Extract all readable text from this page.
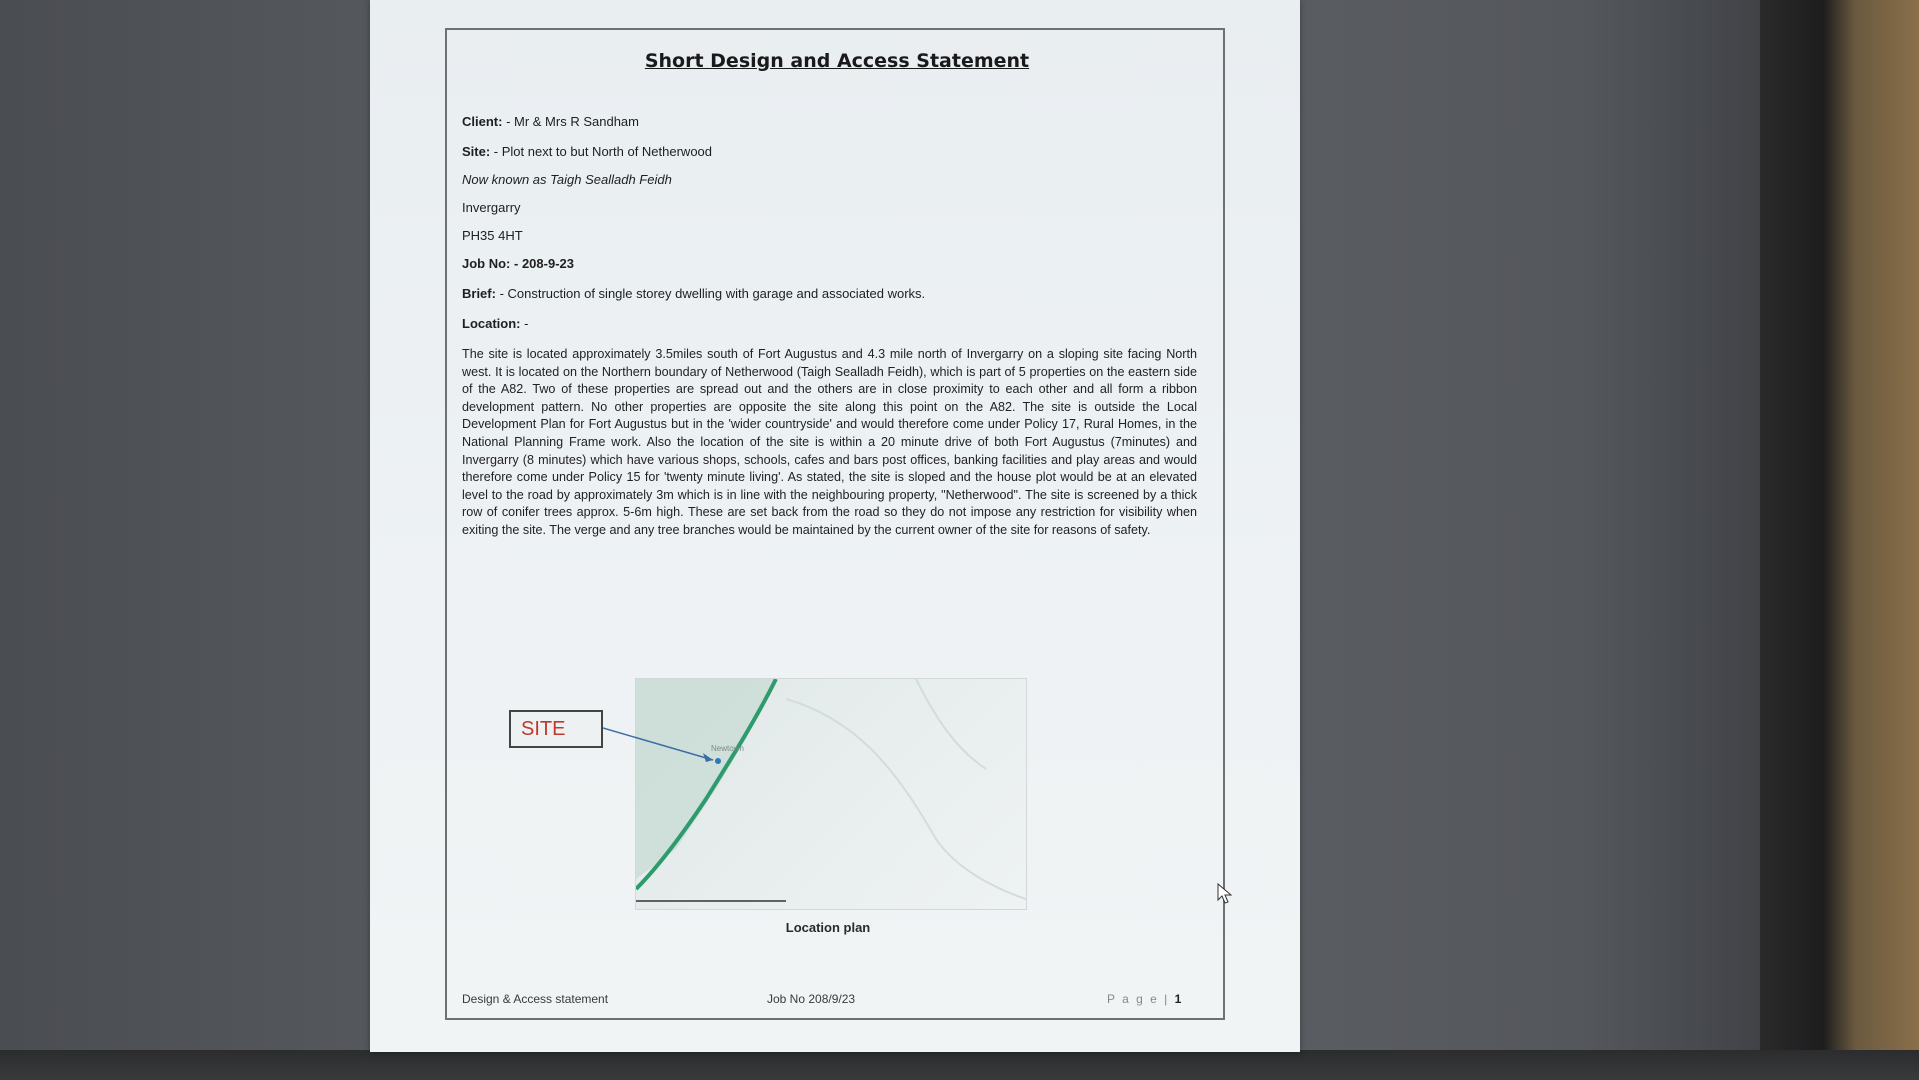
Short Design and Access Statement
Client: - Mr & Mrs R Sandham
Site: - Plot next to but North of Netherwood
Now known as Taigh Sealladh Feidh
Invergarry
PH35 4HT
Job No: - 208-9-23
Brief: - Construction of single storey dwelling with garage and associated works.
Location: -
The site is located approximately 3.5miles south of Fort Augustus and 4.3 mile north of Invergarry on a sloping site facing North west. It is located on the Northern boundary of Netherwood (Taigh Sealladh Feidh), which is part of 5 properties on the eastern side of the A82. Two of these properties are spread out and the others are in close proximity to each other and all form a ribbon development pattern. No other properties are opposite the site along this point on the A82. The site is outside the Local Development Plan for Fort Augustus but in the 'wider countryside' and would therefore come under Policy 17, Rural Homes, in the National Planning Frame work. Also the location of the site is within a 20 minute drive of both Fort Augustus (7minutes) and Invergarry (8 minutes) which have various shops, schools, cafes and bars post offices, banking facilities and play areas and would therefore come under Policy 15 for 'twenty minute living'. As stated, the site is sloped and the house plot would be at an elevated level to the road by approximately 3m which is in line with the neighbouring property, "Netherwood". The site is screened by a thick row of conifer trees approx. 5-6m high. These are set back from the road so they do not impose any restriction for visibility when exiting the site. The verge and any tree branches would be maintained by the current owner of the site for reasons of safety.
SITE
Newtown
Location plan
Design & Access statement	Job No 208/9/23	P a g e | 1
